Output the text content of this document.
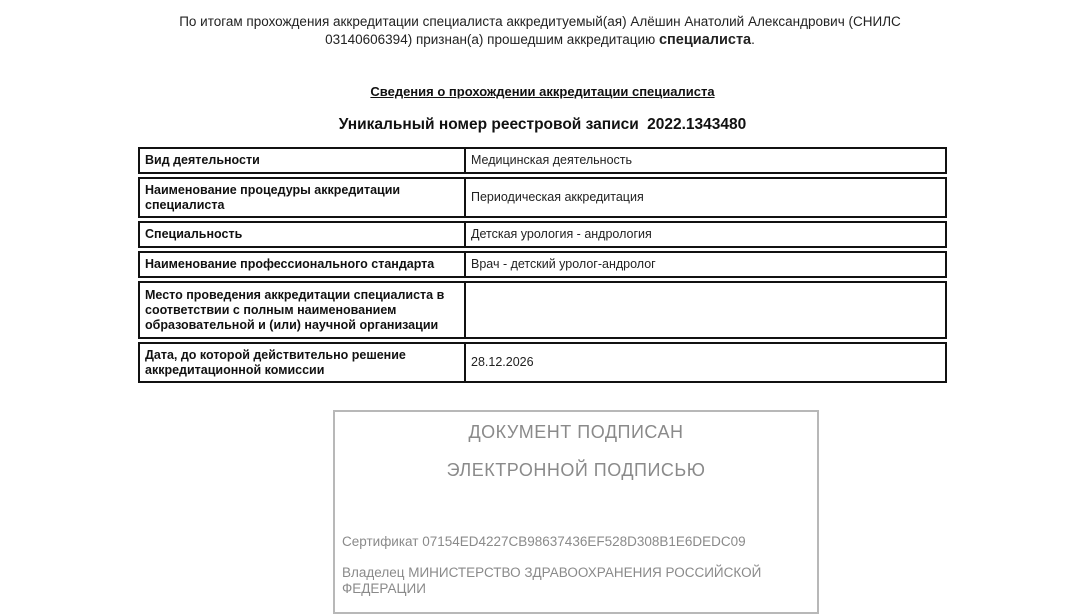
По итогам прохождения аккредитации специалиста аккредитуемый(ая) Алёшин Анатолий Александрович (СНИЛС 03140606394) признан(а) прошедшим аккредитацию специалиста.
Сведения о прохождении аккредитации специалиста
Уникальный номер реестровой записи 2022.1343480
Вид деятельности	Медицинская деятельность
Наименование процедуры аккредитации специалиста	Периодическая аккредитация
Специальность	Детская урология - андрология
Наименование профессионального стандарта	Врач - детский уролог-андролог
Место проведения аккредитации специалиста в соответствии с полным наименованием образовательной и (или) научной организации	
Дата, до которой действительно решение аккредитационной комиссии	28.12.2026
ДОКУМЕНТ ПОДПИСАН
ЭЛЕКТРОННОЙ ПОДПИСЬЮ
Сертификат 07154ED4227CB98637436EF528D308B1E6DEDC09
Владелец МИНИСТЕРСТВО ЗДРАВООХРАНЕНИЯ РОССИЙСКОЙ ФЕДЕРАЦИИ
